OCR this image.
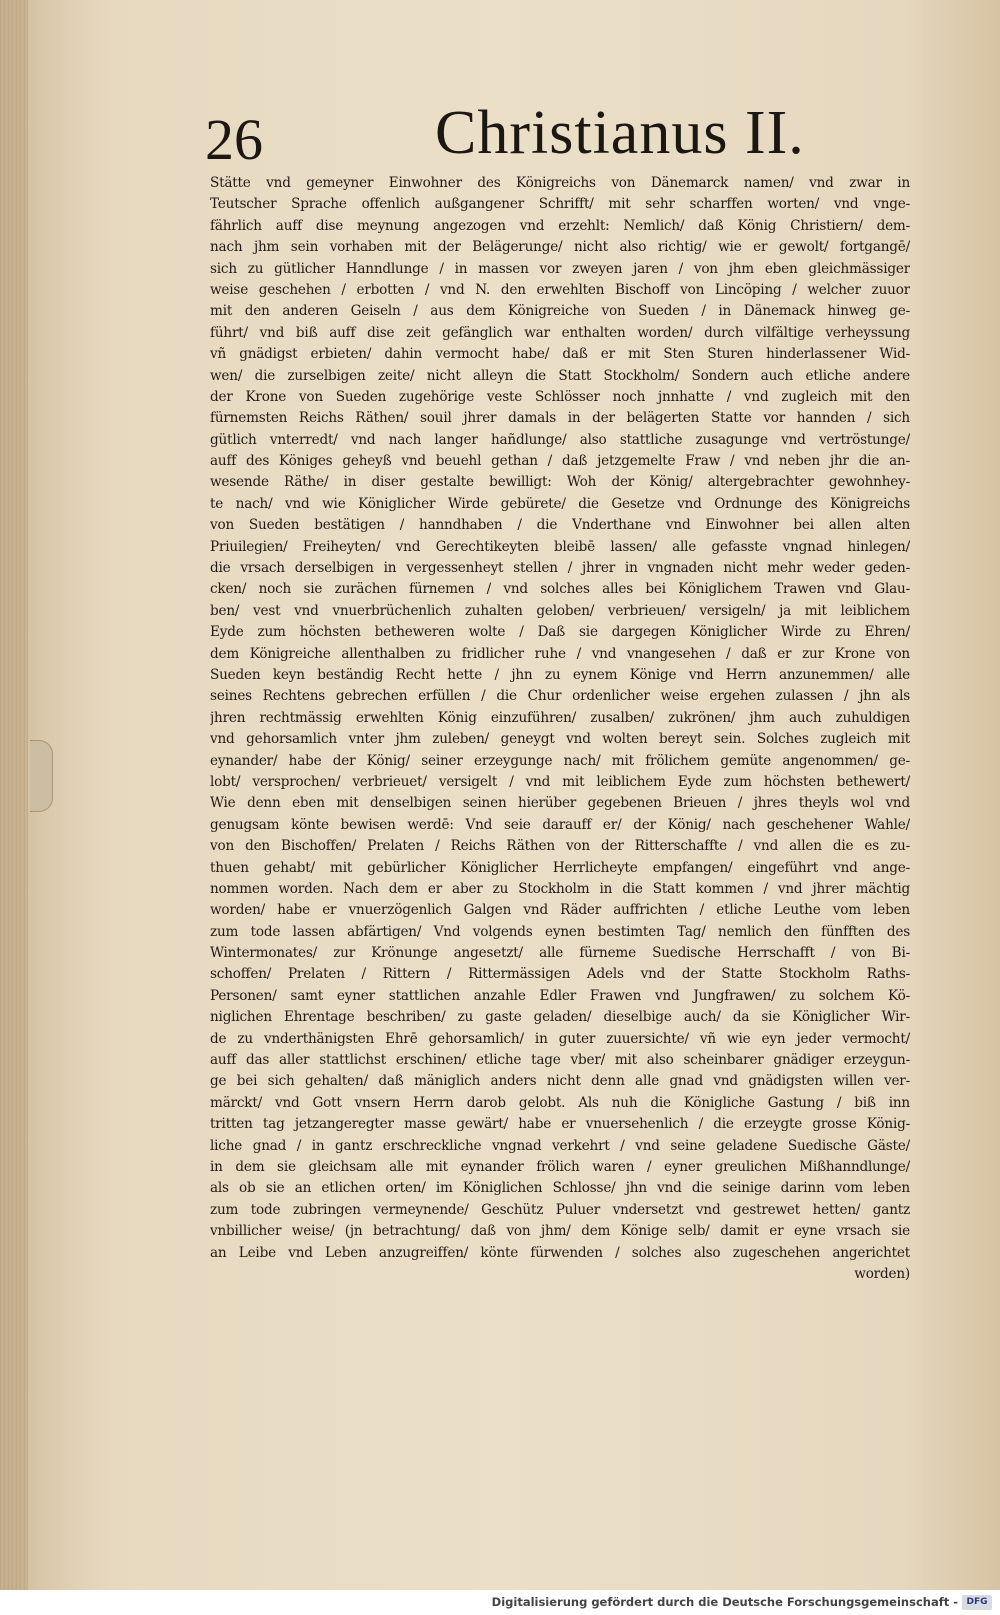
26	Christianus II.
Stätte vnd gemeyner Einwohner des Königreichs von Dänemarck namen/ vnd zwar in
Teutscher Sprache offenlich außgangener Schrifft/ mit sehr scharffen worten/ vnd vnge-
fährlich auff dise meynung angezogen vnd erzehlt: Nemlich/ daß König Christiern/ dem-
nach jhm sein vorhaben mit der Belägerunge/ nicht also richtig/ wie er gewolt/ fortgangē/
sich zu gütlicher Hanndlunge / in massen vor zweyen jaren / von jhm eben gleichmässiger
weise geschehen / erbotten / vnd N. den erwehlten Bischoff von Lincöping / welcher zuuor
mit den anderen Geiseln / aus dem Königreiche von Sueden / in Dänemack hinweg ge-
führt/ vnd biß auff dise zeit gefänglich war enthalten worden/ durch vilfältige verheyssung
vñ gnädigst erbieten/ dahin vermocht habe/ daß er mit Sten Sturen hinderlassener Wid-
wen/ die zurselbigen zeite/ nicht alleyn die Statt Stockholm/ Sondern auch etliche andere
der Krone von Sueden zugehörige veste Schlösser noch jnnhatte / vnd zugleich mit den
fürnemsten Reichs Räthen/ souil jhrer damals in der belägerten Statte vor hannden / sich
gütlich vnterredt/ vnd nach langer hañdlunge/ also stattliche zusagunge vnd vertröstunge/
auff des Königes geheyß vnd beuehl gethan / daß jetzgemelte Fraw / vnd neben jhr die an-
wesende Räthe/ in diser gestalte bewilligt: Woh der König/ altergebrachter gewohnhey-
te nach/ vnd wie Königlicher Wirde gebürete/ die Gesetze vnd Ordnunge des Königreichs
von Sueden bestätigen / hanndhaben / die Vnderthane vnd Einwohner bei allen alten
Priuilegien/ Freiheyten/ vnd Gerechtikeyten bleibē lassen/ alle gefasste vngnad hinlegen/
die vrsach derselbigen in vergessenheyt stellen / jhrer in vngnaden nicht mehr weder geden-
cken/ noch sie zurächen fürnemen / vnd solches alles bei Königlichem Trawen vnd Glau-
ben/ vest vnd vnuerbrüchenlich zuhalten geloben/ verbrieuen/ versigeln/ ja mit leiblichem
Eyde zum höchsten betheweren wolte / Daß sie dargegen Königlicher Wirde zu Ehren/
dem Königreiche allenthalben zu fridlicher ruhe / vnd vnangesehen / daß er zur Krone von
Sueden keyn beständig Recht hette / jhn zu eynem Könige vnd Herrn anzunemmen/ alle
seines Rechtens gebrechen erfüllen / die Chur ordenlicher weise ergehen zulassen / jhn als
jhren rechtmässig erwehlten König einzuführen/ zusalben/ zukrönen/ jhm auch zuhuldigen
vnd gehorsamlich vnter jhm zuleben/ geneygt vnd wolten bereyt sein. Solches zugleich mit
eynander/ habe der König/ seiner erzeygunge nach/ mit frölichem gemüte angenommen/ ge-
lobt/ versprochen/ verbrieuet/ versigelt / vnd mit leiblichem Eyde zum höchsten bethewert/
Wie denn eben mit denselbigen seinen hierüber gegebenen Brieuen / jhres theyls wol vnd
genugsam könte bewisen werdē: Vnd seie darauff er/ der König/ nach geschehener Wahle/
von den Bischoffen/ Prelaten / Reichs Räthen von der Ritterschaffte / vnd allen die es zu-
thuen gehabt/ mit gebürlicher Königlicher Herrlicheyte empfangen/ eingeführt vnd ange-
nommen worden. Nach dem er aber zu Stockholm in die Statt kommen / vnd jhrer mächtig
worden/ habe er vnuerzögenlich Galgen vnd Räder auffrichten / etliche Leuthe vom leben
zum tode lassen abfärtigen/ Vnd volgends eynen bestimten Tag/ nemlich den fünfften des
Wintermonates/ zur Krönunge angesetzt/ alle fürneme Suedische Herrschafft / von Bi-
schoffen/ Prelaten / Rittern / Rittermässigen Adels vnd der Statte Stockholm Raths-
Personen/ samt eyner stattlichen anzahle Edler Frawen vnd Jungfrawen/ zu solchem Kö-
niglichen Ehrentage beschriben/ zu gaste geladen/ dieselbige auch/ da sie Königlicher Wir-
de zu vnderthänigsten Ehrē gehorsamlich/ in guter zuuersichte/ vñ wie eyn jeder vermocht/
auff das aller stattlichst erschinen/ etliche tage vber/ mit also scheinbarer gnädiger erzeygun-
ge bei sich gehalten/ daß mäniglich anders nicht denn alle gnad vnd gnädigsten willen ver-
märckt/ vnd Gott vnsern Herrn darob gelobt. Als nuh die Königliche Gastung / biß inn
tritten tag jetzangeregter masse gewärt/ habe er vnuersehenlich / die erzeygte grosse König-
liche gnad / in gantz erschreckliche vngnad verkehrt / vnd seine geladene Suedische Gäste/
in dem sie gleichsam alle mit eynander frölich waren / eyner greulichen Mißhanndlunge/
als ob sie an etlichen orten/ im Königlichen Schlosse/ jhn vnd die seinige darinn vom leben
zum tode zubringen vermeynende/ Geschütz Puluer vndersetzt vnd gestrewet hetten/ gantz
vnbillicher weise/ (jn betrachtung/ daß von jhm/ dem Könige selb/ damit er eyne vrsach sie
an Leibe vnd Leben anzugreiffen/ könte fürwenden / solches also zugeschehen angerichtet
worden)
Digitalisierung gefördert durch die Deutsche Forschungsgemeinschaft - DFG
